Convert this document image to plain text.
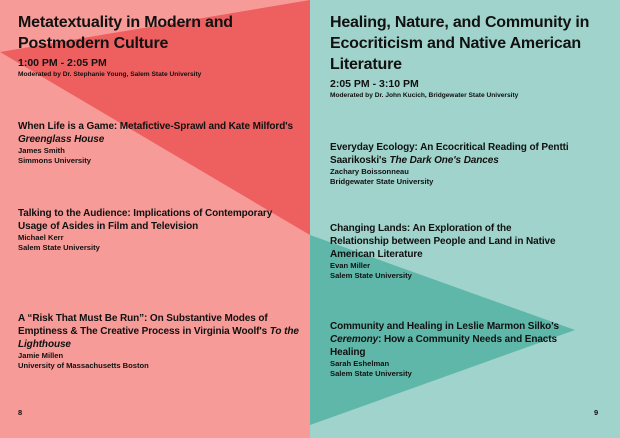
Metatextuality in Modern and Postmodern Culture
1:00 PM - 2:05 PM
Moderated by Dr. Stephanie Young, Salem State University
When Life is a Game: Metafictive-Sprawl and Kate Milford's Greenglass House
James Smith
Simmons University
Talking to the Audience: Implications of Contemporary Usage of Asides in Film and Television
Michael Kerr
Salem State University
A “Risk That Must Be Run”: On Substantive Modes of Emptiness & The Creative Process in Virginia Woolf's To the Lighthouse
Jamie Millen
University of Massachusetts Boston
8
Healing, Nature, and Community in Ecocriticism and Native American Literature
2:05 PM - 3:10 PM
Moderated by Dr. John Kucich, Bridgewater State University
Everyday Ecology: An Ecocritical Reading of Pentti Saarikoski's The Dark One's Dances
Zachary Boissonneau
Bridgewater State University
Changing Lands: An Exploration of the Relationship between People and Land in Native American Literature
Evan Miller
Salem State University
Community and Healing in Leslie Marmon Silko's Ceremony: How a Community Needs and Enacts Healing
Sarah Eshelman
Salem State University
9
